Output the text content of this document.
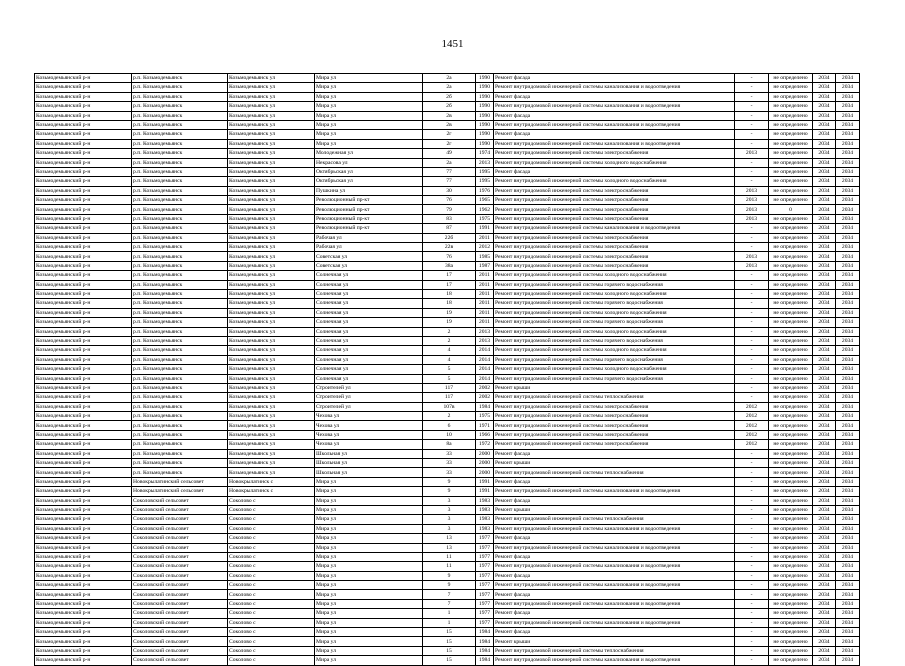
1451
Козьмодемьянский р-н	р.п. Козьмодемьянск	Козьмодемьянск ул	Мира ул	2а	1990	Ремонт фасада	-	не определено	2034	2034
Козьмодемьянский р-н	р.п. Козьмодемьянск	Козьмодемьянск ул	Мира ул	2а	1990	Ремонт внутридомовой инженерной системы канализования и водоотведения	-	не определено	2034	2034
Козьмодемьянский р-н	р.п. Козьмодемьянск	Козьмодемьянск ул	Мира ул	2б	1990	Ремонт фасада	-	не определено	2034	2034
Козьмодемьянский р-н	р.п. Козьмодемьянск	Козьмодемьянск ул	Мира ул	2б	1990	Ремонт внутридомовой инженерной системы канализования и водоотведения	-	не определено	2034	2034
Козьмодемьянский р-н	р.п. Козьмодемьянск	Козьмодемьянск ул	Мира ул	2в	1990	Ремонт фасада	-	не определено	2034	2034
Козьмодемьянский р-н	р.п. Козьмодемьянск	Козьмодемьянск ул	Мира ул	2в	1990	Ремонт внутридомовой инженерной системы канализования и водоотведения	-	не определено	2034	2034
Козьмодемьянский р-н	р.п. Козьмодемьянск	Козьмодемьянск ул	Мира ул	2г	1990	Ремонт фасада	-	не определено	2034	2034
Козьмодемьянский р-н	р.п. Козьмодемьянск	Козьмодемьянск ул	Мира ул	2г	1990	Ремонт внутридомовой инженерной системы канализования и водоотведения	-	не определено	2034	2034
Козьмодемьянский р-н	р.п. Козьмодемьянск	Козьмодемьянск ул	Молодежная ул	49	1974	Ремонт внутридомовой инженерной системы электроснабжения	2013	не определено	2034	2034
Козьмодемьянский р-н	р.п. Козьмодемьянск	Козьмодемьянск ул	Некрасова ул	2а	2013	Ремонт внутридомовой инженерной системы холодного водоснабжения	-	не определено	2034	2034
Козьмодемьянский р-н	р.п. Козьмодемьянск	Козьмодемьянск ул	Октябрьская ул	77	1995	Ремонт фасада	-	не определено	2034	2034
Козьмодемьянский р-н	р.п. Козьмодемьянск	Козьмодемьянск ул	Октябрьская ул	77	1995	Ремонт внутридомовой инженерной системы холодного водоснабжения	-	не определено	2034	2034
Козьмодемьянский р-н	р.п. Козьмодемьянск	Козьмодемьянск ул	Пушкина ул	30	1976	Ремонт внутридомовой инженерной системы электроснабжения	2013	не определено	2034	2034
Козьмодемьянский р-н	р.п. Козьмодемьянск	Козьмодемьянск ул	Революционный пр-кт	76	1965	Ремонт внутридомовой инженерной системы электроснабжения	2013	не определено	2034	2034
Козьмодемьянский р-н	р.п. Козьмодемьянск	Козьмодемьянск ул	Революционный пр-кт	79	1962	Ремонт внутридомовой инженерной системы электроснабжения	2013	0	2034	2034
Козьмодемьянский р-н	р.п. Козьмодемьянск	Козьмодемьянск ул	Революционный пр-кт	83	1975	Ремонт внутридомовой инженерной системы электроснабжения	2013	не определено	2034	2034
Козьмодемьянский р-н	р.п. Козьмодемьянск	Козьмодемьянск ул	Революционный пр-кт	87	1991	Ремонт внутридомовой инженерной системы канализования и водоотведения	-	не определено	2034	2034
Козьмодемьянский р-н	р.п. Козьмодемьянск	Козьмодемьянск ул	Рабочая ул	22б	2011	Ремонт внутридомовой инженерной системы электроснабжения	-	не определено	2034	2034
Козьмодемьянский р-н	р.п. Козьмодемьянск	Козьмодемьянск ул	Рабочая ул	22в	2012	Ремонт внутридомовой инженерной системы электроснабжения	-	не определено	2034	2034
Козьмодемьянский р-н	р.п. Козьмодемьянск	Козьмодемьянск ул	Советская ул	76	1985	Ремонт внутридомовой инженерной системы электроснабжения	2013	не определено	2034	2034
Козьмодемьянский р-н	р.п. Козьмодемьянск	Козьмодемьянск ул	Советская ул	38а	1987	Ремонт внутридомовой инженерной системы электроснабжения	2013	не определено	2034	2034
Козьмодемьянский р-н	р.п. Козьмодемьянск	Козьмодемьянск ул	Солнечная ул	17	2011	Ремонт внутридомовой инженерной системы холодного водоснабжения	-	не определено	2034	2034
Козьмодемьянский р-н	р.п. Козьмодемьянск	Козьмодемьянск ул	Солнечная ул	17	2011	Ремонт внутридомовой инженерной системы горячего водоснабжения	-	не определено	2034	2034
Козьмодемьянский р-н	р.п. Козьмодемьянск	Козьмодемьянск ул	Солнечная ул	18	2011	Ремонт внутридомовой инженерной системы холодного водоснабжения	-	не определено	2034	2034
Козьмодемьянский р-н	р.п. Козьмодемьянск	Козьмодемьянск ул	Солнечная ул	18	2011	Ремонт внутридомовой инженерной системы горячего водоснабжения	-	не определено	2034	2034
Козьмодемьянский р-н	р.п. Козьмодемьянск	Козьмодемьянск ул	Солнечная ул	19	2011	Ремонт внутридомовой инженерной системы холодного водоснабжения	-	не определено	2034	2034
Козьмодемьянский р-н	р.п. Козьмодемьянск	Козьмодемьянск ул	Солнечная ул	19	2011	Ремонт внутридомовой инженерной системы горячего водоснабжения	-	не определено	2034	2034
Козьмодемьянский р-н	р.п. Козьмодемьянск	Козьмодемьянск ул	Солнечная ул	2	2013	Ремонт внутридомовой инженерной системы холодного водоснабжения	-	не определено	2034	2034
Козьмодемьянский р-н	р.п. Козьмодемьянск	Козьмодемьянск ул	Солнечная ул	2	2013	Ремонт внутридомовой инженерной системы горячего водоснабжения	-	не определено	2034	2034
Козьмодемьянский р-н	р.п. Козьмодемьянск	Козьмодемьянск ул	Солнечная ул	4	2014	Ремонт внутридомовой инженерной системы холодного водоснабжения	-	не определено	2034	2034
Козьмодемьянский р-н	р.п. Козьмодемьянск	Козьмодемьянск ул	Солнечная ул	4	2014	Ремонт внутридомовой инженерной системы горячего водоснабжения	-	не определено	2034	2034
Козьмодемьянский р-н	р.п. Козьмодемьянск	Козьмодемьянск ул	Солнечная ул	5	2014	Ремонт внутридомовой инженерной системы холодного водоснабжения	-	не определено	2034	2034
Козьмодемьянский р-н	р.п. Козьмодемьянск	Козьмодемьянск ул	Солнечная ул	5	2014	Ремонт внутридомовой инженерной системы горячего водоснабжения	-	не определено	2034	2034
Козьмодемьянский р-н	р.п. Козьмодемьянск	Козьмодемьянск ул	Строителей ул	117	2002	Ремонт крыши	-	не определено	2034	2034
Козьмодемьянский р-н	р.п. Козьмодемьянск	Козьмодемьянск ул	Строителей ул	117	2002	Ремонт внутридомовой инженерной системы теплоснабжения	-	не определено	2034	2034
Козьмодемьянский р-н	р.п. Козьмодемьянск	Козьмодемьянск ул	Строителей ул	107в	1984	Ремонт внутридомовой инженерной системы электроснабжения	2012	не определено	2034	2034
Козьмодемьянский р-н	р.п. Козьмодемьянск	Козьмодемьянск ул	Чехова ул	2	1975	Ремонт внутридомовой инженерной системы электроснабжения	2012	не определено	2034	2034
Козьмодемьянский р-н	р.п. Козьмодемьянск	Козьмодемьянск ул	Чехова ул	6	1971	Ремонт внутридомовой инженерной системы электроснабжения	2012	не определено	2034	2034
Козьмодемьянский р-н	р.п. Козьмодемьянск	Козьмодемьянск ул	Чехова ул	10	1966	Ремонт внутридомовой инженерной системы электроснабжения	2012	не определено	2034	2034
Козьмодемьянский р-н	р.п. Козьмодемьянск	Козьмодемьянск ул	Чехова ул	8а	1972	Ремонт внутридомовой инженерной системы электроснабжения	2012	не определено	2034	2034
Козьмодемьянский р-н	р.п. Козьмодемьянск	Козьмодемьянск ул	Школьная ул	33	2000	Ремонт фасада	-	не определено	2034	2034
Козьмодемьянский р-н	р.п. Козьмодемьянск	Козьмодемьянск ул	Школьная ул	33	2000	Ремонт крыши	-	не определено	2034	2034
Козьмодемьянский р-н	р.п. Козьмодемьянск	Козьмодемьянск ул	Школьная ул	33	2000	Ремонт внутридомовой инженерной системы теплоснабжения	-	не определено	2034	2034
Козьмодемьянский р-н	Новокрылатинский сельсовет	Новокрылатинск с	Мира ул	9	1991	Ремонт фасада	-	не определено	2034	2034
Козьмодемьянский р-н	Новокрылатинский сельсовет	Новокрылатинск с	Мира ул	9	1991	Ремонт внутридомовой инженерной системы канализования и водоотведения	-	не определено	2034	2034
Козьмодемьянский р-н	Соколовский сельсовет	Соколово с	Мира ул	3	1983	Ремонт фасада	-	не определено	2034	2034
Козьмодемьянский р-н	Соколовский сельсовет	Соколово с	Мира ул	3	1983	Ремонт крыши	-	не определено	2034	2034
Козьмодемьянский р-н	Соколовский сельсовет	Соколово с	Мира ул	3	1983	Ремонт внутридомовой инженерной системы теплоснабжения	-	не определено	2034	2034
Козьмодемьянский р-н	Соколовский сельсовет	Соколово с	Мира ул	3	1983	Ремонт внутридомовой инженерной системы канализования и водоотведения	-	не определено	2034	2034
Козьмодемьянский р-н	Соколовский сельсовет	Соколово с	Мира ул	13	1977	Ремонт фасада	-	не определено	2034	2034
Козьмодемьянский р-н	Соколовский сельсовет	Соколово с	Мира ул	13	1977	Ремонт внутридомовой инженерной системы канализования и водоотведения	-	не определено	2034	2034
Козьмодемьянский р-н	Соколовский сельсовет	Соколово с	Мира ул	11	1977	Ремонт фасада	-	не определено	2034	2034
Козьмодемьянский р-н	Соколовский сельсовет	Соколово с	Мира ул	11	1977	Ремонт внутридомовой инженерной системы канализования и водоотведения	-	не определено	2034	2034
Козьмодемьянский р-н	Соколовский сельсовет	Соколово с	Мира ул	9	1977	Ремонт фасада	-	не определено	2034	2034
Козьмодемьянский р-н	Соколовский сельсовет	Соколово с	Мира ул	9	1977	Ремонт внутридомовой инженерной системы канализования и водоотведения	-	не определено	2034	2034
Козьмодемьянский р-н	Соколовский сельсовет	Соколово с	Мира ул	7	1977	Ремонт фасада	-	не определено	2034	2034
Козьмодемьянский р-н	Соколовский сельсовет	Соколово с	Мира ул	7	1977	Ремонт внутридомовой инженерной системы канализования и водоотведения	-	не определено	2034	2034
Козьмодемьянский р-н	Соколовский сельсовет	Соколово с	Мира ул	1	1977	Ремонт фасада	-	не определено	2034	2034
Козьмодемьянский р-н	Соколовский сельсовет	Соколово с	Мира ул	1	1977	Ремонт внутридомовой инженерной системы канализования и водоотведения	-	не определено	2034	2034
Козьмодемьянский р-н	Соколовский сельсовет	Соколово с	Мира ул	15	1984	Ремонт фасада	-	не определено	2034	2034
Козьмодемьянский р-н	Соколовский сельсовет	Соколово с	Мира ул	15	1984	Ремонт крыши	-	не определено	2034	2034
Козьмодемьянский р-н	Соколовский сельсовет	Соколово с	Мира ул	15	1984	Ремонт внутридомовой инженерной системы теплоснабжения	-	не определено	2034	2034
Козьмодемьянский р-н	Соколовский сельсовет	Соколово с	Мира ул	15	1984	Ремонт внутридомовой инженерной системы канализования и водоотведения	-	не определено	2034	2034
